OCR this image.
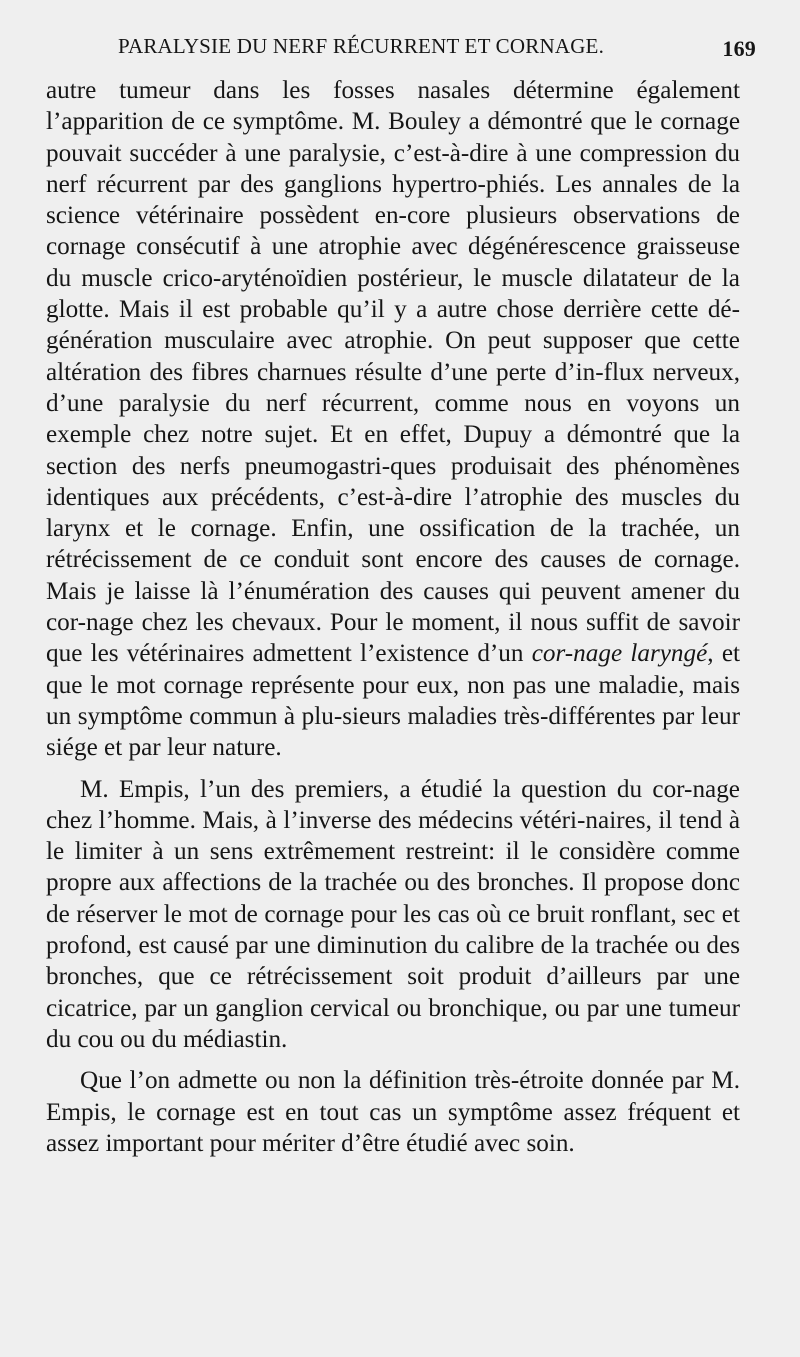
PARALYSIE DU NERF RÉCURRENT ET CORNAGE.	169

autre tumeur dans les fosses nasales détermine également l’apparition de ce symptôme. M. Bouley a démontré que le cornage pouvait succéder à une paralysie, c’est-à-dire à une compression du nerf récurrent par des ganglions hypertro-phiés. Les annales de la science vétérinaire possèdent en-core plusieurs observations de cornage consécutif à une atrophie avec dégénérescence graisseuse du muscle crico-aryténoïdien postérieur, le muscle dilatateur de la glotte. Mais il est probable qu’il y a autre chose derrière cette dé-génération musculaire avec atrophie. On peut supposer que cette altération des fibres charnues résulte d’une perte d’in-flux nerveux, d’une paralysie du nerf récurrent, comme nous en voyons un exemple chez notre sujet. Et en effet, Dupuy a démontré que la section des nerfs pneumogastri-ques produisait des phénomènes identiques aux précédents, c’est-à-dire l’atrophie des muscles du larynx et le cornage. Enfin, une ossification de la trachée, un rétrécissement de ce conduit sont encore des causes de cornage. Mais je laisse là l’énumération des causes qui peuvent amener du cor-nage chez les chevaux. Pour le moment, il nous suffit de savoir que les vétérinaires admettent l’existence d’un cor-nage laryngé, et que le mot cornage représente pour eux, non pas une maladie, mais un symptôme commun à plu-sieurs maladies très-différentes par leur siége et par leur nature.

M. Empis, l’un des premiers, a étudié la question du cor-nage chez l’homme. Mais, à l’inverse des médecins vétéri-naires, il tend à le limiter à un sens extrêmement restreint: il le considère comme propre aux affections de la trachée ou des bronches. Il propose donc de réserver le mot de cornage pour les cas où ce bruit ronflant, sec et profond, est causé par une diminution du calibre de la trachée ou des bronches, que ce rétrécissement soit produit d’ailleurs par une cicatrice, par un ganglion cervical ou bronchique, ou par une tumeur du cou ou du médiastin.

Que l’on admette ou non la définition très-étroite donnée par M. Empis, le cornage est en tout cas un symptôme assez fréquent et assez important pour mériter d’être étudié avec soin.
